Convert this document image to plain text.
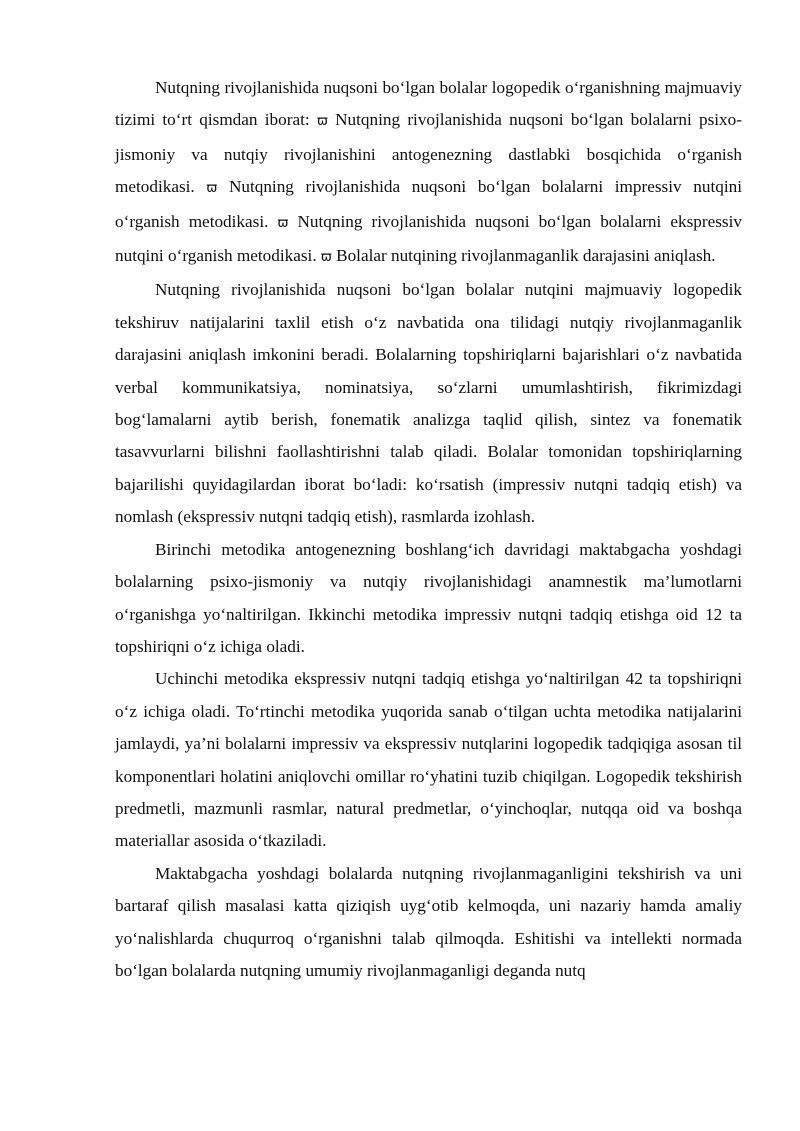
Nutqning rivojlanishida nuqsoni bo‘lgan bolalar logopedik o‘rganishning majmuaviy tizimi to‘rt qismdan iborat: ϖ Nutqning rivojlanishida nuqsoni bo‘lgan bolalarni psixo-jismoniy va nutqiy rivojlanishini antogenezning dastlabki bosqichida o‘rganish metodikasi. ϖ Nutqning rivojlanishida nuqsoni bo‘lgan bolalarni impressiv nutqini o‘rganish metodikasi. ϖ Nutqning rivojlanishida nuqsoni bo‘lgan bolalarni ekspressiv nutqini o‘rganish metodikasi. ϖ Bolalar nutqining rivojlanmaganlik darajasini aniqlash.

Nutqning rivojlanishida nuqsoni bo‘lgan bolalar nutqini majmuaviy logopedik tekshiruv natijalarini taxlil etish o‘z navbatida ona tilidagi nutqiy rivojlanmaganlik darajasini aniqlash imkonini beradi. Bolalarning topshiriqlarni bajarishlari o‘z navbatida verbal kommunikatsiya, nominatsiya, so‘zlarni umumlashtirish, fikrimizdagi bog‘lamalarni aytib berish, fonematik analizga taqlid qilish, sintez va fonematik tasavvurlarni bilishni faollashtirishni talab qiladi. Bolalar tomonidan topshiriqlarning bajarilishi quyidagilardan iborat bo‘ladi: ko‘rsatish (impressiv nutqni tadqiq etish) va nomlash (ekspressiv nutqni tadqiq etish), rasmlarda izohlash.

Birinchi metodika antogenezning boshlang‘ich davridagi maktabgacha yoshdagi bolalarning psixo-jismoniy va nutqiy rivojlanishidagi anamnestik ma’lumotlarni o‘rganishga yo‘naltirilgan. Ikkinchi metodika impressiv nutqni tadqiq etishga oid 12 ta topshiriqni o‘z ichiga oladi.

Uchinchi metodika ekspressiv nutqni tadqiq etishga yo‘naltirilgan 42 ta topshiriqni o‘z ichiga oladi. To‘rtinchi metodika yuqorida sanab o‘tilgan uchta metodika natijalarini jamlaydi, ya’ni bolalarni impressiv va ekspressiv nutqlarini logopedik tadqiqiga asosan til komponentlari holatini aniqlovchi omillar ro‘yhatini tuzib chiqilgan. Logopedik tekshirish predmetli, mazmunli rasmlar, natural predmetlar, o‘yinchoqlar, nutqqa oid va boshqa materiallar asosida o‘tkaziladi.

Maktabgacha yoshdagi bolalarda nutqning rivojlanmaganligini tekshirish va uni bartaraf qilish masalasi katta qiziqish uyg‘otib kelmoqda, uni nazariy hamda amaliy yo‘nalishlarda chuqurroq o‘rganishni talab qilmoqda. Eshitishi va intellekti normada bo‘lgan bolalarda nutqning umumiy rivojlanmaganligi deganda nutq
